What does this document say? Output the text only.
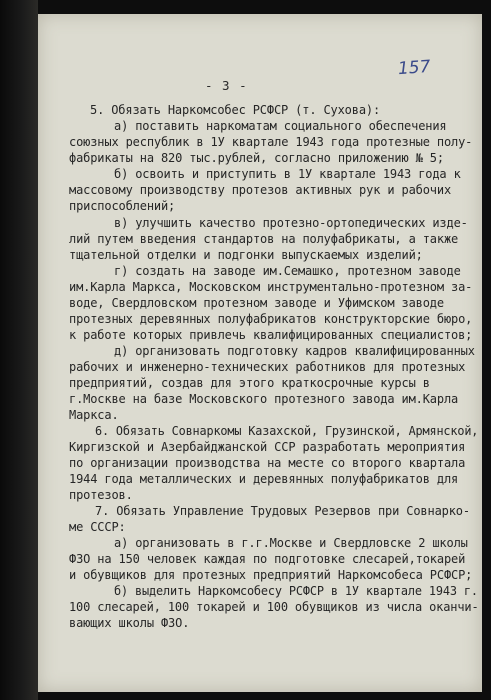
157
- 3 -
5. Обязать Наркомсобес РСФСР (т. Сухова):
а) поставить наркоматам социального обеспечения
союзных республик в 1У квартале 1943 года протезные полу-
фабрикаты на 820 тыс.рублей, согласно приложению № 5;
б) освоить и приступить в 1У квартале 1943 года к
массовому производству протезов активных рук и рабочих
приспособлений;
в) улучшить качество протезно-ортопедических изде-
лий путем введения стандартов на полуфабрикаты, а также
тщательной отделки и подгонки выпускаемых изделий;
г) создать на заводе им.Семашко, протезном заводе
им.Карла Маркса, Московском инструментально-протезном за-
воде, Свердловском протезном заводе и Уфимском заводе
протезных деревянных полуфабрикатов конструкторские бюро,
к работе которых привлечь квалифицированных специалистов;
д) организовать подготовку кадров квалифицированных
рабочих и инженерно-технических работников для протезных
предприятий, создав для этого краткосрочные курсы в
г.Москве на базе Московского протезного завода им.Карла
Маркса.
6. Обязать Совнаркомы Казахской, Грузинской, Армянской,
Киргизской и Азербайджанской ССР разработать мероприятия
по организации производства на месте со второго квартала
1944 года металлических и деревянных полуфабрикатов для
протезов.
7. Обязать Управление Трудовых Резервов при Совнарко-
ме СССР:
а) организовать в г.г.Москве и Свердловске 2 школы
ФЗО на 150 человек каждая по подготовке слесарей,токарей
и обувщиков для протезных предприятий Наркомсобеса РСФСР;
б) выделить Наркомсобесу РСФСР в 1У квартале 1943 г.
100 слесарей, 100 токарей и 100 обувщиков из числа оканчи-
вающих школы ФЗО.
